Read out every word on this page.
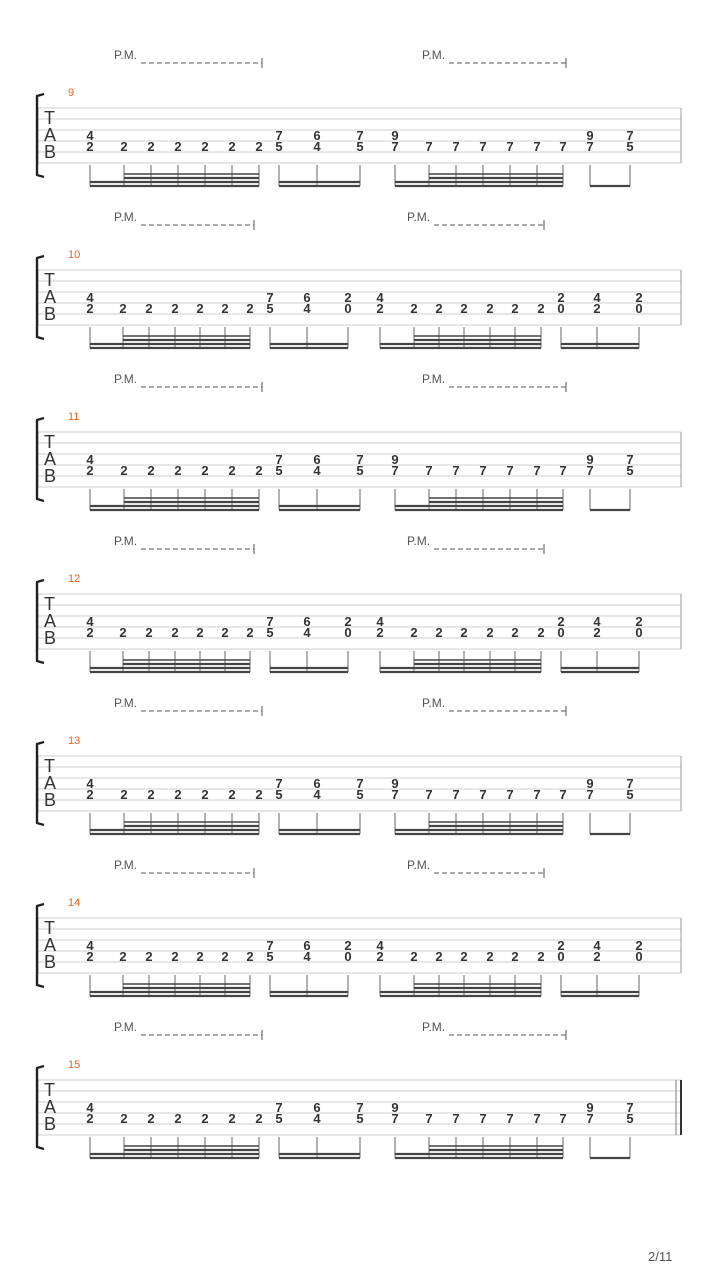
T
A
B
9
P.M.	P.M.
4
2 2 2 2 2 2 2
7
5
6
4
7
5
9
7 7 7 7 7 7 7
9
7
7
5
T
A
B
10
P.M.	P.M.
4
2 2 2 2 2 2 2
7
5
6
4
2
0
4
2 2 2 2 2 2 2
2
0
4
2
2
0
T
A
B
11
P.M.	P.M.
4
2 2 2 2 2 2 2
7
5
6
4
7
5
9
7 7 7 7 7 7 7
9
7
7
5
T
A
B
12
P.M.	P.M.
4
2 2 2 2 2 2 2
7
5
6
4
2
0
4
2 2 2 2 2 2 2
2
0
4
2
2
0
T
A
B
13
P.M.	P.M.
4
2 2 2 2 2 2 2
7
5
6
4
7
5
9
7 7 7 7 7 7 7
9
7
7
5
T
A
B
14
P.M.	P.M.
4
2 2 2 2 2 2 2
7
5
6
4
2
0
4
2 2 2 2 2 2 2
2
0
4
2
2
0
T
A
B
15
P.M.	P.M.
4
2 2 2 2 2 2 2
7
5
6
4
7
5
9
7 7 7 7 7 7 7
9
7
7
5
2/11
